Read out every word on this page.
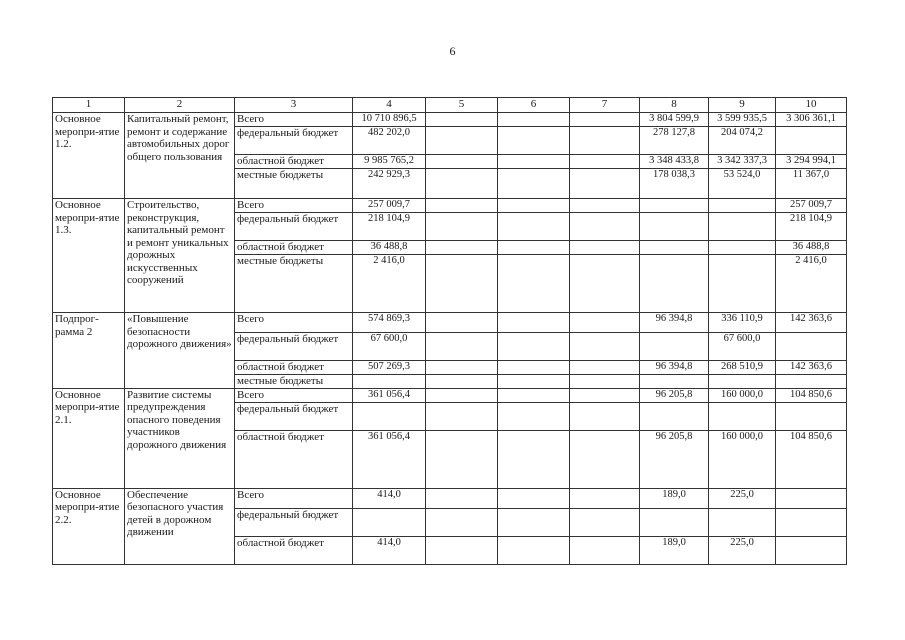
6
1	2	3	4	5	6	7	8	9	10
Основное меропри-ятие 1.2.	Капитальный ремонт, ремонт и содержание автомобильных дорог общего пользования	Всего	10 710 896,5				3 804 599,9	3 599 935,5	3 306 361,1
		федеральный бюджет	482 202,0				278 127,8	204 074,2	
		областной бюджет	9 985 765,2				3 348 433,8	3 342 337,3	3 294 994,1
		местные бюджеты	242 929,3				178 038,3	53 524,0	11 367,0
Основное меропри-ятие 1.3.	Строительство, реконструкция, капитальный ремонт и ремонт уникальных дорожных искусственных сооружений	Всего	257 009,7						257 009,7
		федеральный бюджет	218 104,9						218 104,9
		областной бюджет	36 488,8						36 488,8
		местные бюджеты	2 416,0						2 416,0
Подпрог-рамма 2	«Повышение безопасности дорожного движения»	Всего	574 869,3				96 394,8	336 110,9	142 363,6
		федеральный бюджет	67 600,0					67 600,0	
		областной бюджет	507 269,3				96 394,8	268 510,9	142 363,6
		местные бюджеты							
Основное меропри-ятие 2.1.	Развитие системы предупреждения опасного поведения участников дорожного движения	Всего	361 056,4				96 205,8	160 000,0	104 850,6
		федеральный бюджет							
		областной бюджет	361 056,4				96 205,8	160 000,0	104 850,6
Основное меропри-ятие 2.2.	Обеспечение безопасного участия детей в дорожном движении	Всего	414,0				189,0	225,0	
		федеральный бюджет							
		областной бюджет	414,0				189,0	225,0	
